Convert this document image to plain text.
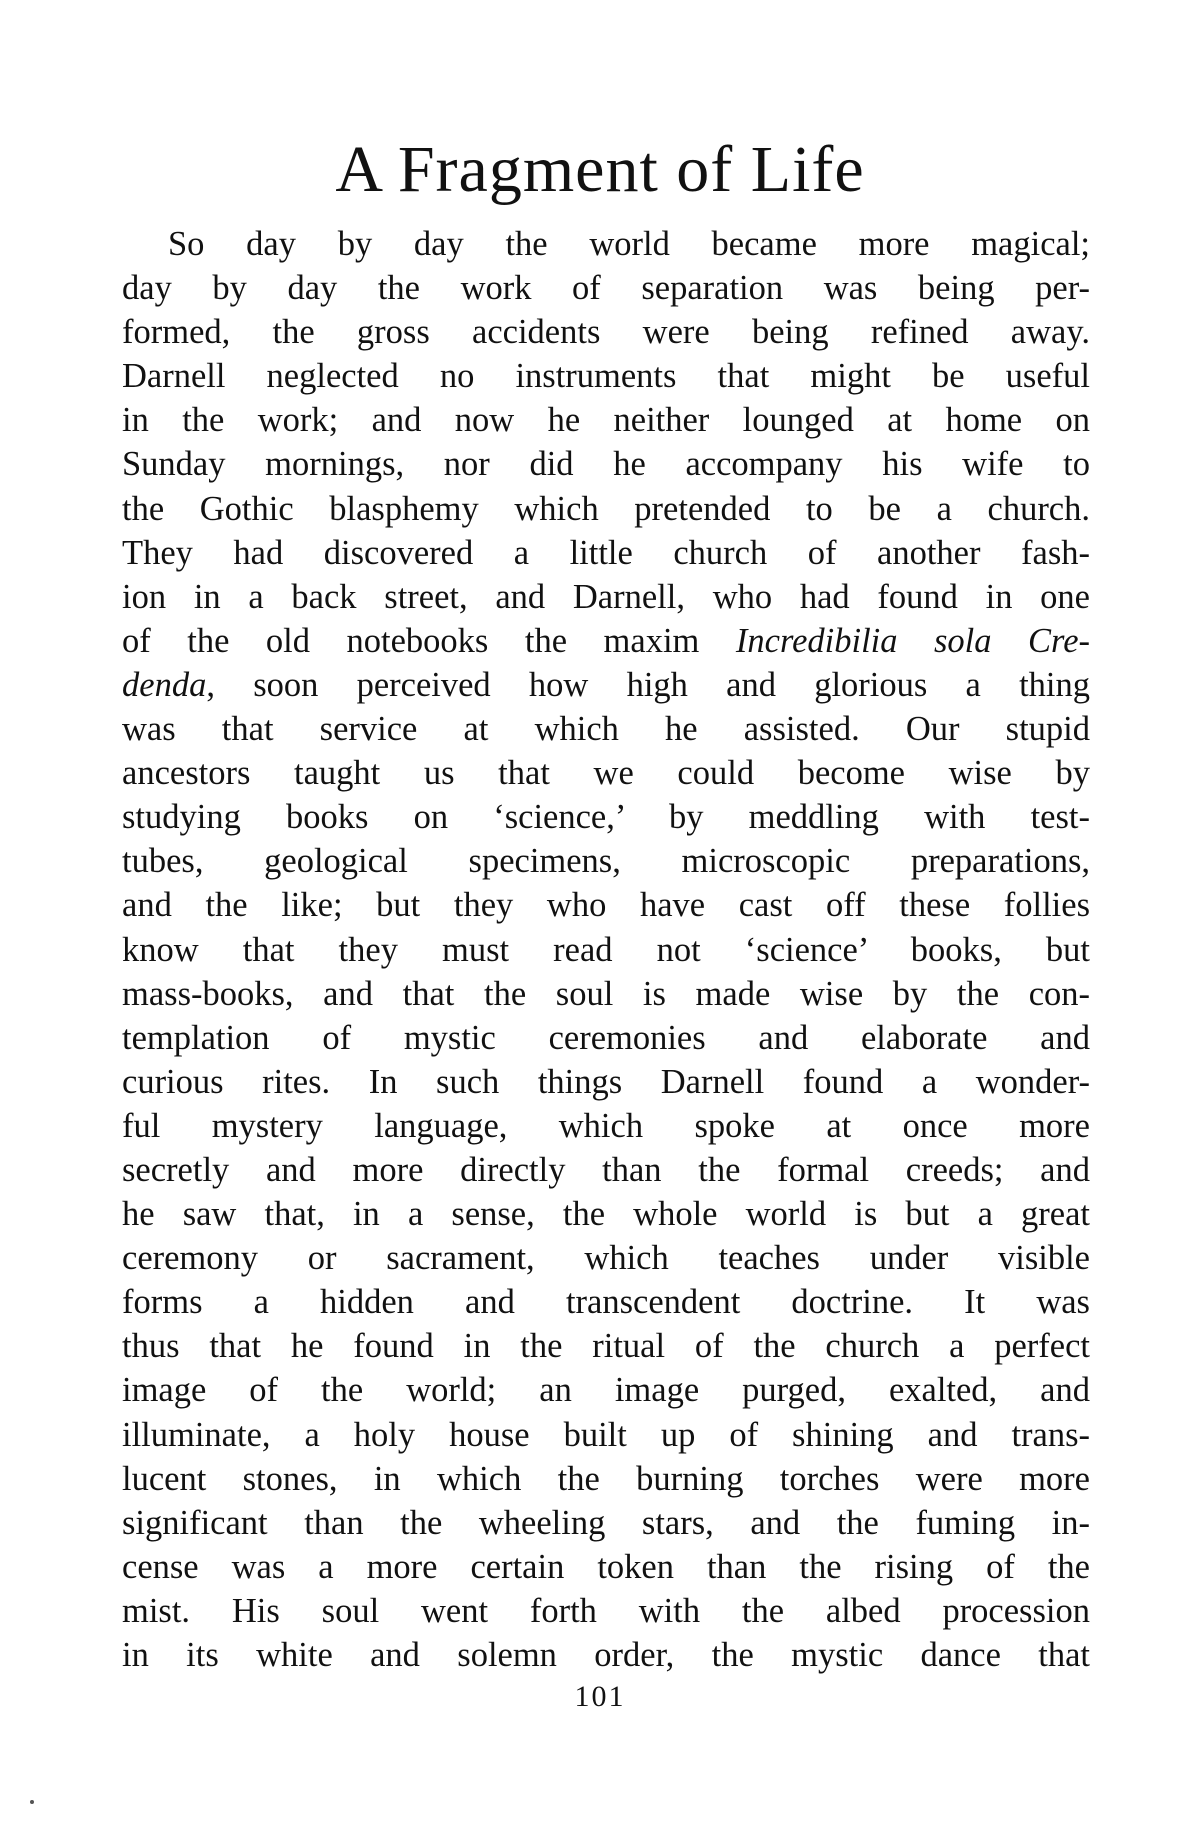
A Fragment of Life
So day by day the world became more magical;
day by day the work of separation was being per-
formed, the gross accidents were being refined away.
Darnell neglected no instruments that might be useful
in the work; and now he neither lounged at home on
Sunday mornings, nor did he accompany his wife to
the Gothic blasphemy which pretended to be a church.
They had discovered a little church of another fash-
ion in a back street, and Darnell, who had found in one
of the old notebooks the maxim Incredibilia sola Cre-
denda, soon perceived how high and glorious a thing
was that service at which he assisted. Our stupid
ancestors taught us that we could become wise by
studying books on ‘science,’ by meddling with test-
tubes, geological specimens, microscopic preparations,
and the like; but they who have cast off these follies
know that they must read not ‘science’ books, but
mass-books, and that the soul is made wise by the con-
templation of mystic ceremonies and elaborate and
curious rites. In such things Darnell found a wonder-
ful mystery language, which spoke at once more
secretly and more directly than the formal creeds; and
he saw that, in a sense, the whole world is but a great
ceremony or sacrament, which teaches under visible
forms a hidden and transcendent doctrine. It was
thus that he found in the ritual of the church a perfect
image of the world; an image purged, exalted, and
illuminate, a holy house built up of shining and trans-
lucent stones, in which the burning torches were more
significant than the wheeling stars, and the fuming in-
cense was a more certain token than the rising of the
mist. His soul went forth with the albed procession
in its white and solemn order, the mystic dance that
101
